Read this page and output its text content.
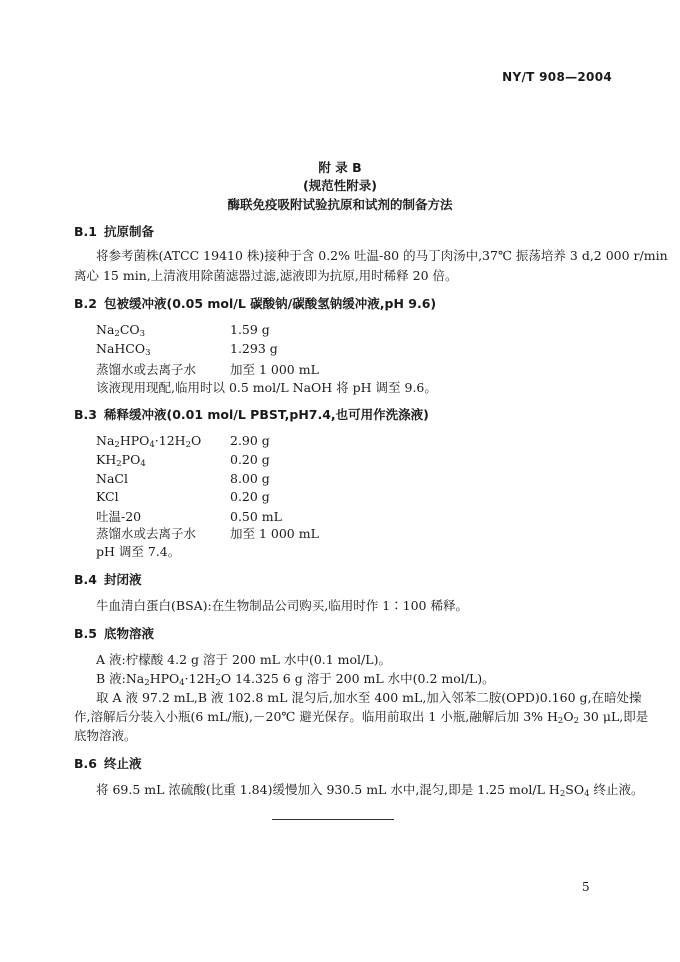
NY/T 908—2004
附 录 B
(规范性附录)
酶联免疫吸附试验抗原和试剂的制备方法
B.1 抗原制备
将参考菌株(ATCC 19410 株)接种于含 0.2% 吐温-80 的马丁肉汤中,37℃ 振荡培养 3 d,2 000 r/min
离心 15 min,上清液用除菌滤器过滤,滤液即为抗原,用时稀释 20 倍。
B.2 包被缓冲液(0.05 mol/L 碳酸钠/碳酸氢钠缓冲液,pH 9.6)
$Na_2CO_3$	1.59 g
NaHCO$_3$	1.293 g
蒸馏水或去离子水	加至 1 000 mL
该液现用现配,临用时以 0.5 mol/L NaOH 将 pH 调至 9.6。
B.3 稀释缓冲液(0.01 mol/L PBST,pH7.4,也可用作洗涤液)
$Na_2HPO_4\cdot 12H_2O$ 2.90 g
$KH_2PO_4$	0.20 g
NaCl	8.00 g
KCl	0.20 g
吐温-20	0.50 mL
蒸馏水或去离子水	加至 1 000 mL
pH 调至 7.4。
B.4 封闭液
牛血清白蛋白(BSA):在生物制品公司购买,临用时作 1∶100 稀释。
B.5 底物溶液
A 液:柠檬酸 4.2 g 溶于 200 mL 水中(0.1 mol/L)。
B 液$:Na_2HPO_4\cdot 12H_2O$ 14.325 6 g 溶于 200 mL 水中(0.2 mol/L)。
取 A 液 97.2 mL,B 液 102.8 mL 混匀后,加水至 400 mL,加入邻苯二胺(OPD)0.160 g,在暗处操
作,溶解后分装入小瓶(6 mL/瓶),－20℃ 避光保存。临用前取出 1 小瓶,融解后加 3% $H_2O_2$ 30 μL,即是
底物溶液。
B.6 终止液
将 69.5 mL 浓硫酸(比重 1.84)缓慢加入 930.5 mL 水中,混匀,即是 1.25 mol/L $H_2SO_4$ 终止液。
5
